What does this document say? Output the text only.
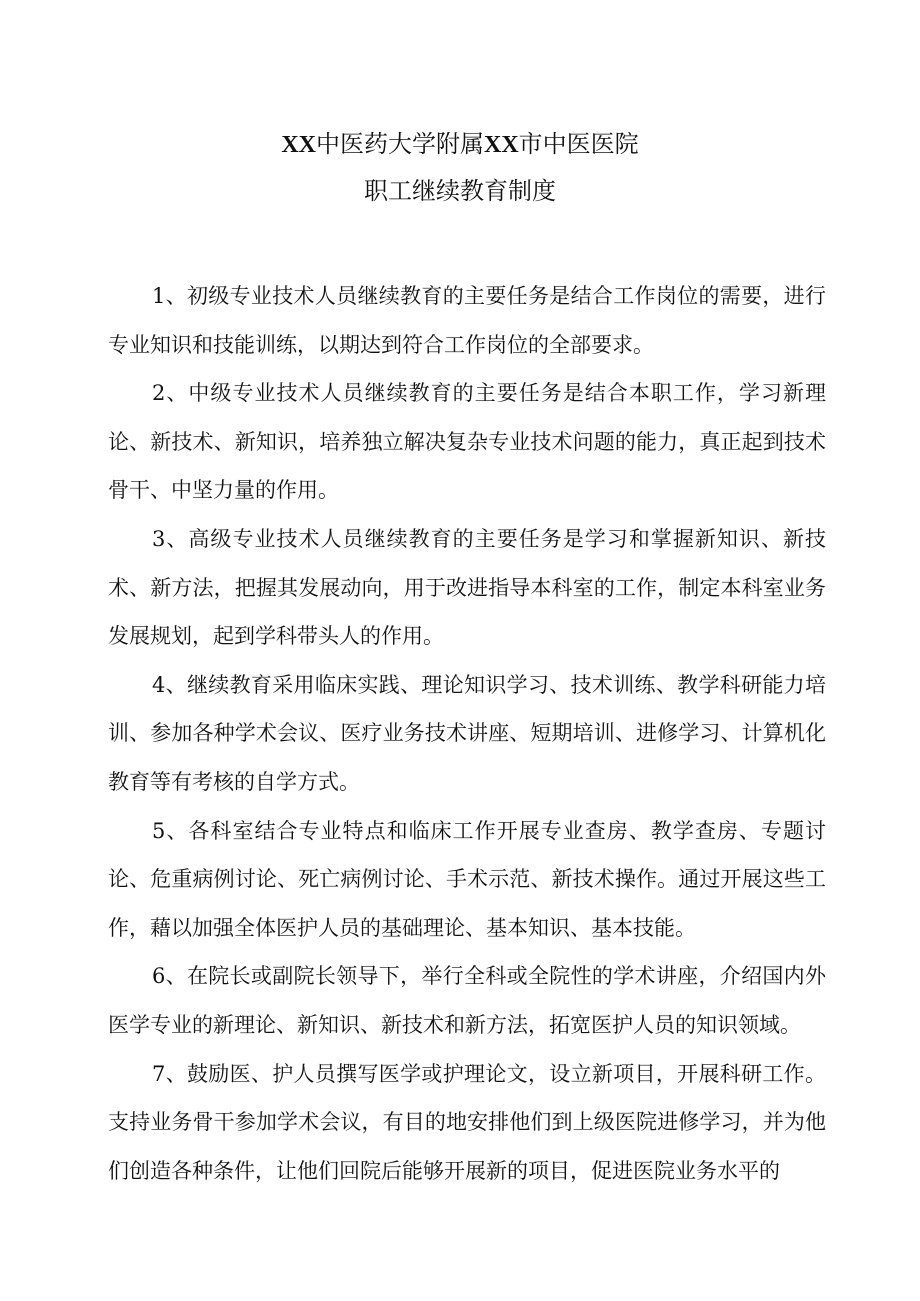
XX中医药大学附属XX市中医医院
职工继续教育制度

1、初级专业技术人员继续教育的主要任务是结合工作岗位的需要，进行专业知识和技能训练，以期达到符合工作岗位的全部要求。

2、中级专业技术人员继续教育的主要任务是结合本职工作，学习新理论、新技术、新知识，培养独立解决复杂专业技术问题的能力，真正起到技术骨干、中坚力量的作用。

3、高级专业技术人员继续教育的主要任务是学习和掌握新知识、新技术、新方法，把握其发展动向，用于改进指导本科室的工作，制定本科室业务发展规划，起到学科带头人的作用。

4、继续教育采用临床实践、理论知识学习、技术训练、教学科研能力培训、参加各种学术会议、医疗业务技术讲座、短期培训、进修学习、计算机化教育等有考核的自学方式。

5、各科室结合专业特点和临床工作开展专业查房、教学查房、专题讨论、危重病例讨论、死亡病例讨论、手术示范、新技术操作。通过开展这些工作，藉以加强全体医护人员的基础理论、基本知识、基本技能。

6、在院长或副院长领导下，举行全科或全院性的学术讲座，介绍国内外医学专业的新理论、新知识、新技术和新方法，拓宽医护人员的知识领域。

7、鼓励医、护人员撰写医学或护理论文，设立新项目，开展科研工作。支持业务骨干参加学术会议，有目的地安排他们到上级医院进修学习，并为他们创造各种条件，让他们回院后能够开展新的项目，促进医院业务水平的
